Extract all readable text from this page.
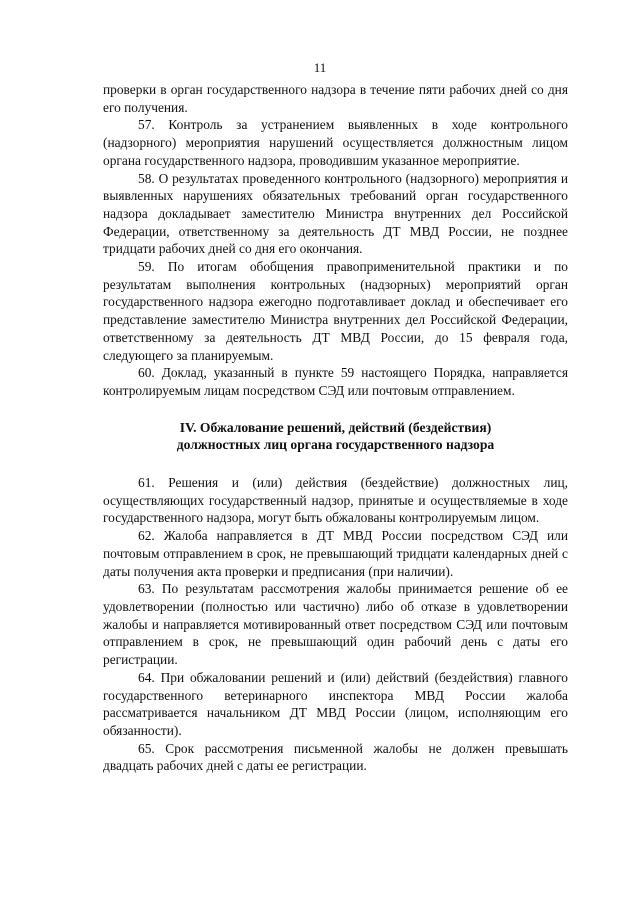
11

проверки в орган государственного надзора в течение пяти рабочих дней со дня его получения.

57. Контроль за устранением выявленных в ходе контрольного (надзорного) мероприятия нарушений осуществляется должностным лицом органа государственного надзора, проводившим указанное мероприятие.

58. О результатах проведенного контрольного (надзорного) мероприятия и выявленных нарушениях обязательных требований орган государственного надзора докладывает заместителю Министра внутренних дел Российской Федерации, ответственному за деятельность ДТ МВД России, не позднее тридцати рабочих дней со дня его окончания.

59. По итогам обобщения правоприменительной практики и по результатам выполнения контрольных (надзорных) мероприятий орган государственного надзора ежегодно подготавливает доклад и обеспечивает его представление заместителю Министра внутренних дел Российской Федерации, ответственному за деятельность ДТ МВД России, до 15 февраля года, следующего за планируемым.

60. Доклад, указанный в пункте 59 настоящего Порядка, направляется контролируемым лицам посредством СЭД или почтовым отправлением.

IV. Обжалование решений, действий (бездействия)
должностных лиц органа государственного надзора

61. Решения и (или) действия (бездействие) должностных лиц, осуществляющих государственный надзор, принятые и осуществляемые в ходе государственного надзора, могут быть обжалованы контролируемым лицом.

62. Жалоба направляется в ДТ МВД России посредством СЭД или почтовым отправлением в срок, не превышающий тридцати календарных дней с даты получения акта проверки и предписания (при наличии).

63. По результатам рассмотрения жалобы принимается решение об ее удовлетворении (полностью или частично) либо об отказе в удовлетворении жалобы и направляется мотивированный ответ посредством СЭД или почтовым отправлением в срок, не превышающий один рабочий день с даты его регистрации.

64. При обжаловании решений и (или) действий (бездействия) главного государственного ветеринарного инспектора МВД России жалоба рассматривается начальником ДТ МВД России (лицом, исполняющим его обязанности).

65. Срок рассмотрения письменной жалобы не должен превышать двадцать рабочих дней с даты ее регистрации.
